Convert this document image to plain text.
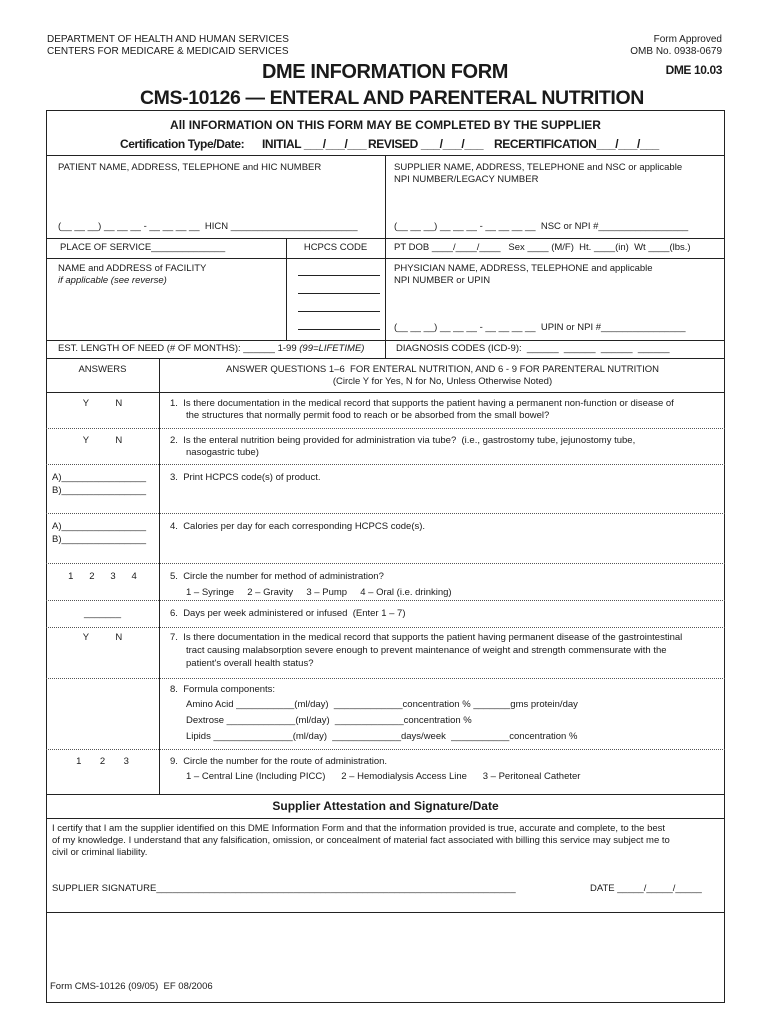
DEPARTMENT OF HEALTH AND HUMAN SERVICES
CENTERS FOR MEDICARE & MEDICAID SERVICES
Form Approved
OMB No. 0938-0679
DME INFORMATION FORM
CMS-10126 — ENTERAL AND PARENTERAL NUTRITION
DME 10.03
All INFORMATION ON THIS FORM MAY BE COMPLETED BY THE SUPPLIER
Certification Type/Date: INITIAL ___/___/___ REVISED ___/___/___ RECERTIFICATION___/___/___
PATIENT NAME, ADDRESS, TELEPHONE and HIC NUMBER
(__ __ __) __ __ __ - __ __ __ __  HICN ________________________
SUPPLIER NAME, ADDRESS, TELEPHONE and NSC or applicable
NPI NUMBER/LEGACY NUMBER
(__ __ __) __ __ __ - __ __ __ __  NSC or NPI #_________________
PLACE OF SERVICE______________	HCPCS CODE	PT DOB ____/____/____   Sex ____ (M/F)  Ht. ____(in)  Wt ____(lbs.)
NAME and ADDRESS of FACILITY
if applicable (see reverse)
PHYSICIAN NAME, ADDRESS, TELEPHONE and applicable
NPI NUMBER or UPIN
(__ __ __) __ __ __ - __ __ __ __  UPIN or NPI #________________
EST. LENGTH OF NEED (# OF MONTHS): ______ 1-99 (99=LIFETIME)	DIAGNOSIS CODES (ICD-9):  ______  ______  ______  ______
ANSWERS	ANSWER QUESTIONS 1–6  FOR ENTERAL NUTRITION, AND 6 - 9 FOR PARENTERAL NUTRITION
(Circle Y for Yes, N for No, Unless Otherwise Noted)
Y          N	1.  Is there documentation in the medical record that supports the patient having a permanent non-function or disease of
the structures that normally permit food to reach or be absorbed from the small bowel?
Y          N	2.  Is the enteral nutrition being provided for administration via tube?  (i.e., gastrostomy tube, jejunostomy tube,
nasogastric tube)
A)________________
B)________________
3.  Print HCPCS code(s) of product.
A)________________
B)________________
4.  Calories per day for each corresponding HCPCS code(s).
1      2      3      4	5.  Circle the number for method of administration?
1 – Syringe     2 – Gravity     3 – Pump     4 – Oral (i.e. drinking)
_______	6.  Days per week administered or infused  (Enter 1 – 7)
Y          N	7.  Is there documentation in the medical record that supports the patient having permanent disease of the gastrointestinal
tract causing malabsorption severe enough to prevent maintenance of weight and strength commensurate with the
patient's overall health status?
8.  Formula components:
Amino Acid ___________(ml/day)  _____________concentration % _______gms protein/day
Dextrose _____________(ml/day)  _____________concentration %
Lipids _______________(ml/day)  _____________days/week  ___________concentration %
1       2       3	9.  Circle the number for the route of administration.
1 – Central Line (Including PICC)      2 – Hemodialysis Access Line      3 – Peritoneal Catheter
Supplier Attestation and Signature/Date
I certify that I am the supplier identified on this DME Information Form and that the information provided is true, accurate and complete, to the best
of my knowledge. I understand that any falsification, omission, or concealment of material fact associated with billing this service may subject me to
civil or criminal liability.
SUPPLIER SIGNATURE____________________________________________________________________	DATE _____/_____/_____
Form CMS-10126 (09/05)  EF 08/2006
